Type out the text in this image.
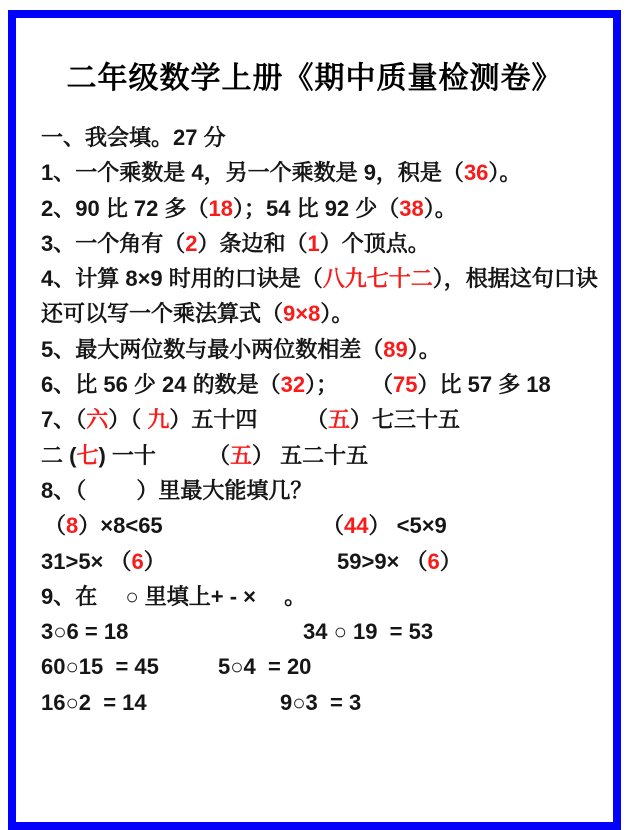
二年级数学上册《期中质量检测卷》
一、我会填。27 分
1、一个乘数是 4，另一个乘数是 9，积是（36）。
2、90 比 72 多（18）；54 比 92 少（38）。
3、一个角有（2）条边和（1）个顶点。
4、计算 8×9 时用的口诀是（八九七十二），根据这句口诀
还可以写一个乘法算式（9×8）。
5、最大两位数与最小两位数相差（89）。
6、比 56 少 24 的数是（32）； （75）比 57 多 18
7、（六）（ 九）五十四 （五）七三十五
二 (七) 一十 （五） 五二十五
8、（　　 ）里最大能填几？
（8）×8<65	（44） <5×9
31>5× （6）	59>9× （6）
9、在　 ○ 里填上+ - ×　 。
3○6 = 18	34 ○ 19  = 53
60○15  = 45	5○4  = 20
16○2  = 14	9○3  = 3
